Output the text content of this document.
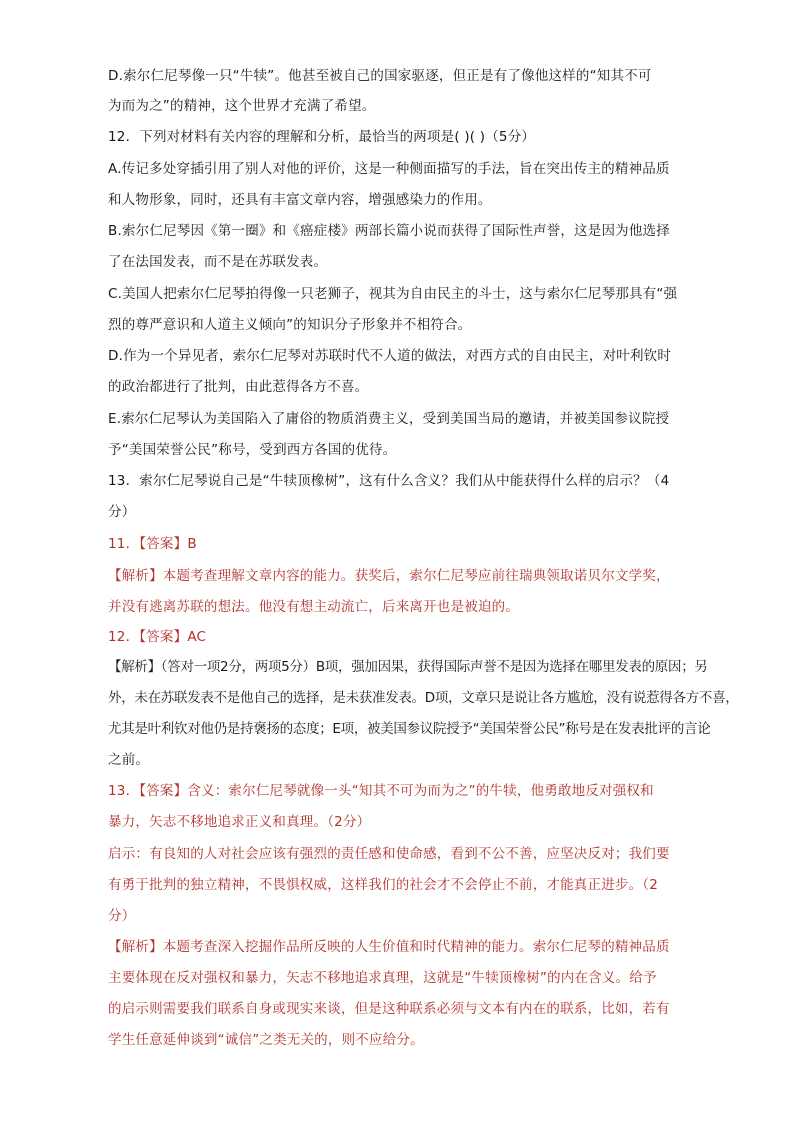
D.索尔仁尼琴像一只“牛犊”。他甚至被自己的国家驱逐，但正是有了像他这样的“知其不可
为而为之”的精神，这个世界才充满了希望。
12．下列对材料有关内容的理解和分析，最恰当的两项是( )( )（5分）
A.传记多处穿插引用了别人对他的评价，这是一种侧面描写的手法，旨在突出传主的精神品质
和人物形象，同时，还具有丰富文章内容，增强感染力的作用。
B.索尔仁尼琴因《第一圈》和《癌症楼》两部长篇小说而获得了国际性声誉，这是因为他选择
了在法国发表，而不是在苏联发表。
C.美国人把索尔仁尼琴拍得像一只老狮子，视其为自由民主的斗士，这与索尔仁尼琴那具有“强
烈的尊严意识和人道主义倾向”的知识分子形象并不相符合。
D.作为一个异见者，索尔仁尼琴对苏联时代不人道的做法，对西方式的自由民主，对叶利钦时
的政治都进行了批判，由此惹得各方不喜。
E.索尔仁尼琴认为美国陷入了庸俗的物质消费主义，受到美国当局的邀请，并被美国参议院授
予“美国荣誉公民”称号，受到西方各国的优待。
13．索尔仁尼琴说自己是“牛犊顶橡树”，这有什么含义？我们从中能获得什么样的启示？（4
分）
11．【答案】B
【解析】本题考查理解文章内容的能力。获奖后，索尔仁尼琴应前往瑞典领取诺贝尔文学奖，
并没有逃离苏联的想法。他没有想主动流亡，后来离开也是被迫的。
12．【答案】AC
【解析】（答对一项2分，两项5分）B项，强加因果，获得国际声誉不是因为选择在哪里发表的原因；另
外，未在苏联发表不是他自己的选择，是未获准发表。D项，文章只是说让各方尴尬，没有说惹得各方不喜，
尤其是叶利钦对他仍是持褒扬的态度；E项，被美国参议院授予“美国荣誉公民”称号是在发表批评的言论
之前。
13．【答案】含义：索尔仁尼琴就像一头“知其不可为而为之”的牛犊，他勇敢地反对强权和
暴力，矢志不移地追求正义和真理。（2分）
启示：有良知的人对社会应该有强烈的责任感和使命感，看到不公不善，应坚决反对；我们要
有勇于批判的独立精神，不畏惧权威，这样我们的社会才不会停止不前，才能真正进步。（2
分）
【解析】本题考查深入挖掘作品所反映的人生价值和时代精神的能力。索尔仁尼琴的精神品质
主要体现在反对强权和暴力，矢志不移地追求真理，这就是“牛犊顶橡树”的内在含义。给予
的启示则需要我们联系自身或现实来谈，但是这种联系必须与文本有内在的联系，比如，若有
学生任意延伸谈到“诚信”之类无关的，则不应给分。
